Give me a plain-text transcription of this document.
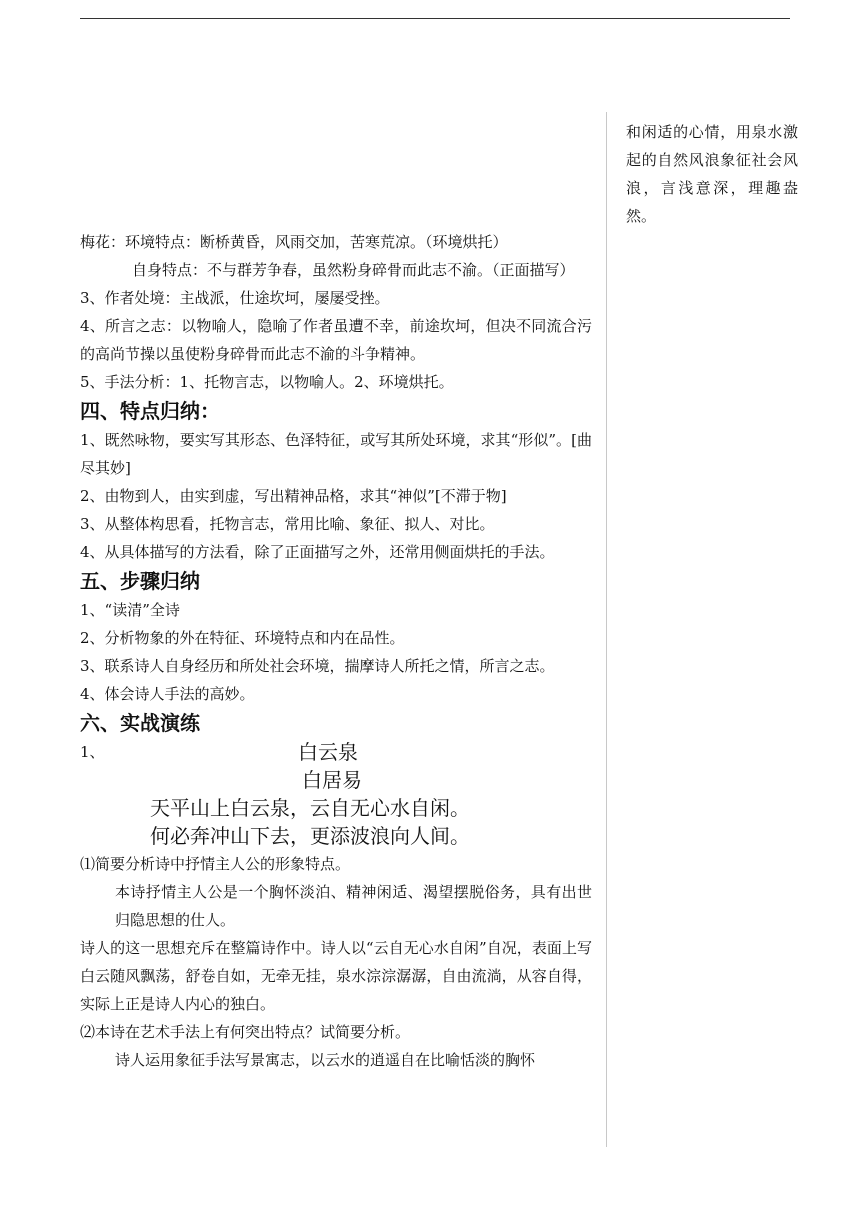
和闲适的心情，用泉水激起的自然风浪象征社会风浪，言浅意深，理趣盎然。

梅花：环境特点：断桥黄昏，风雨交加，苦寒荒凉。（环境烘托）

自身特点：不与群芳争春，虽然粉身碎骨而此志不渝。（正面描写）

3、作者处境：主战派，仕途坎坷，屡屡受挫。

4、所言之志：以物喻人，隐喻了作者虽遭不幸，前途坎坷，但决不同流合污的高尚节操以虽使粉身碎骨而此志不渝的斗争精神。

5、手法分析：1、托物言志，以物喻人。2、环境烘托。

四、特点归纳：

1、既然咏物，要实写其形态、色泽特征，或写其所处环境，求其“形似”。[曲尽其妙]

2、由物到人，由实到虚，写出精神品格，求其“神似”[不滞于物]

3、从整体构思看，托物言志，常用比喻、象征、拟人、对比。

4、从具体描写的方法看，除了正面描写之外，还常用侧面烘托的手法。

五、步骤归纳

1、“读清”全诗

2、分析物象的外在特征、环境特点和内在品性。

3、联系诗人自身经历和所处社会环境，揣摩诗人所托之情，所言之志。

4、体会诗人手法的高妙。

六、实战演练
1、	白云泉

白居易

天平山上白云泉，云自无心水自闲。

何必奔冲山下去，更添波浪向人间。

⑴简要分析诗中抒情主人公的形象特点。

本诗抒情主人公是一个胸怀淡泊、精神闲适、渴望摆脱俗务，具有出世归隐思想的仕人。

诗人的这一思想充斥在整篇诗作中。诗人以“云自无心水自闲”自况，表面上写白云随风飘荡，舒卷自如，无牵无挂，泉水淙淙潺潺，自由流淌，从容自得，实际上正是诗人内心的独白。

⑵本诗在艺术手法上有何突出特点？试简要分析。

诗人运用象征手法写景寓志，以云水的逍遥自在比喻恬淡的胸怀
